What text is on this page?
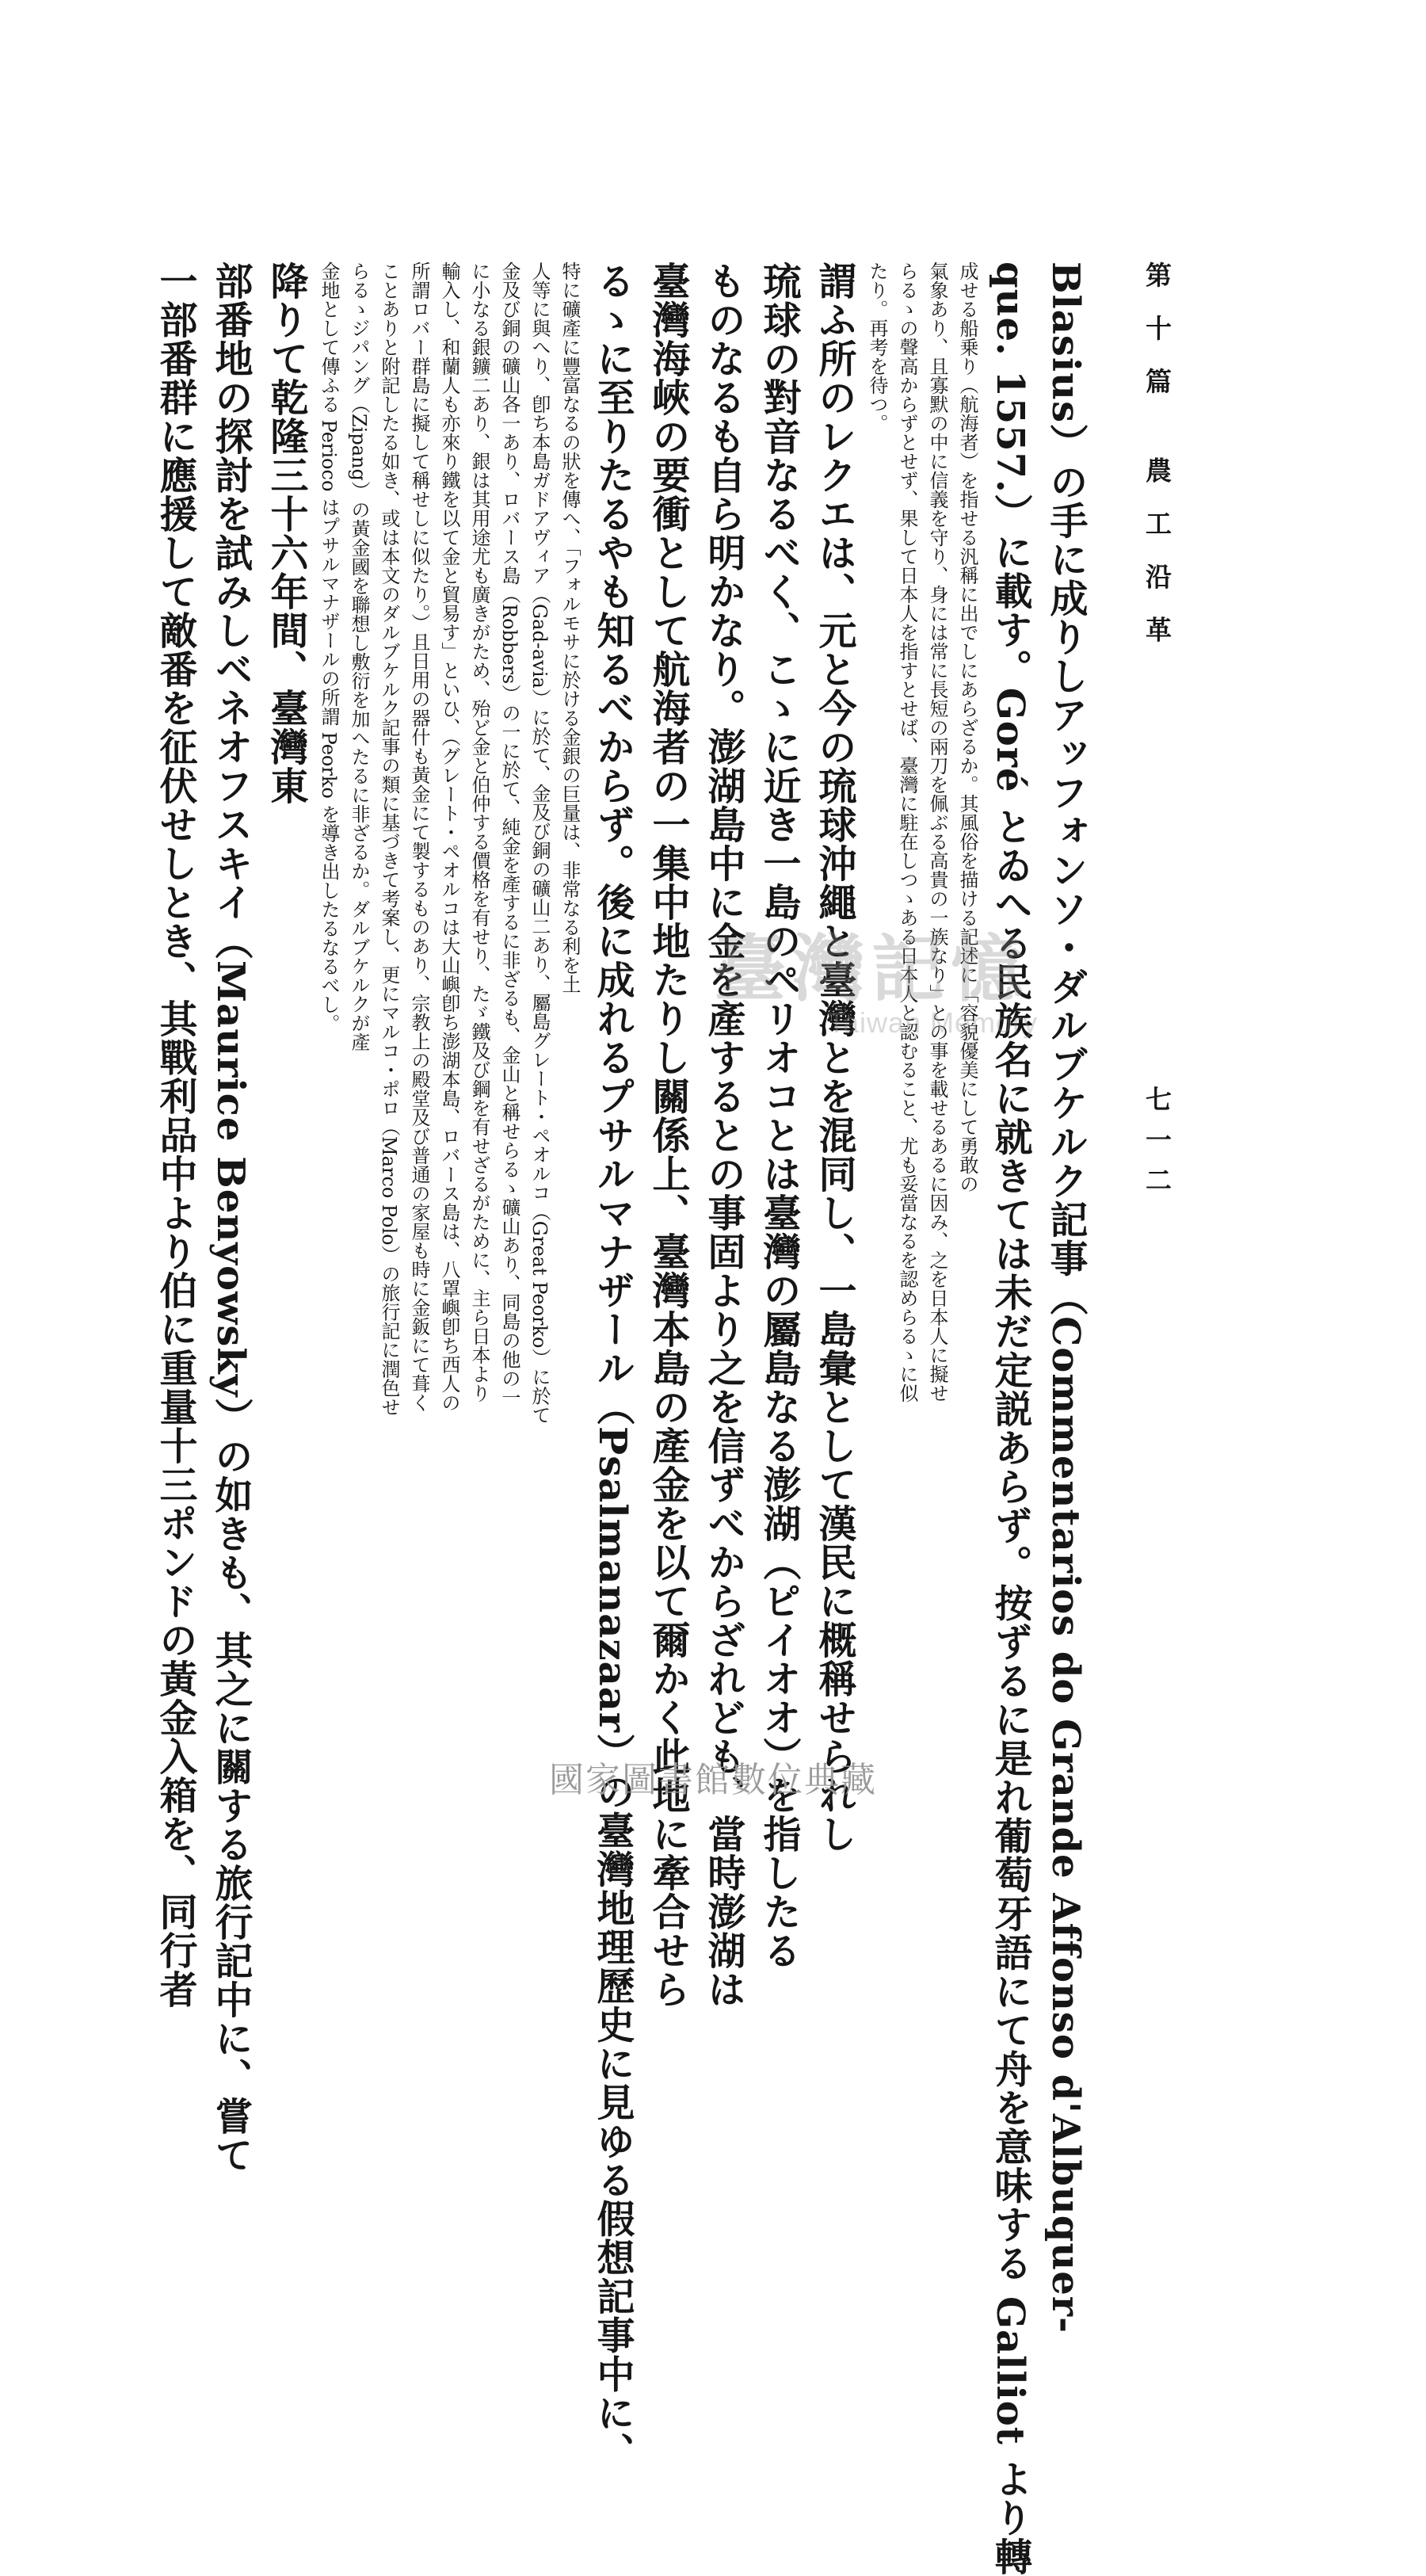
第十篇 農工沿革
七一二
Blasius）の手に成りしアッフォンソ・ダルブケルク記事（Commentarios do Grande Affonso d'Albuquer-
que. 1557.）に載す。Goré とゐへる民族名に就きては未だ定説あらず。按ずるに是れ葡萄牙語にて舟を意味する Galliot より轉
成せる船乗り（航海者）を指せる汎稱に出でしにあらざるか。其風俗を描ける記述に「容貌優美にして勇敢の
氣象あり、且寡默の中に信義を守り、身には常に長短の兩刀を佩ぶる高貴の一族なり」との事を載せるあるに因み、之を日本人に擬せ
らるゝの聲高からずとせず、果して日本人を指すとせば、臺灣に駐在しつゝある日本人と認むること、尤も妥當なるを認めらるゝに似
たり。再考を待つ。
謂ふ所のレクエは、元と今の琉球沖繩と臺灣とを混同し、一島彙として漢民に概稱せられし
琉球の對音なるべく、こゝに近き一島のペリオコとは臺灣の屬島なる澎湖（ピイオオ）を指したる
ものなるも自ら明かなり。澎湖島中に金を產するとの事固より之を信ずべからざれども、當時澎湖は
臺灣海峽の要衝として航海者の一集中地たりし關係上、臺灣本島の產金を以て爾かく此地に牽合せら
るゝに至りたるやも知るべからず。後に成れるプサルマナザール（Psalmanazaar）の臺灣地理歷史に見ゆる假想記事中に、
特に礦產に豐富なるの狀を傳へ、「フォルモサに於ける金銀の巨量は、非常なる利を土
人等に與へり、卽ち本島ガドアヴィア（Gad-avia）に於て、金及び銅の礦山二あり、屬島グレート・ペオルコ（Great Peorko）に於て
金及び銅の礦山各一あり、ロバース島（Robbers）の一に於て、純金を產するに非ざるも、金山と稱せらるゝ礦山あり、同島の他の一
に小なる銀鑛二あり、銀は其用途尤も廣きがため、殆ど金と伯仲する價格を有せり、たゞ鐵及び鋼を有せざるがために、主ら日本より
輸入し、和蘭人も亦來り鐵を以て金と貿易す」といひ、（グレート・ペオルコは大山嶼卽ち澎湖本島、ロバース島は、八罩嶼卽ち西人の
所謂ロバー群島に擬して稱せしに似たり。）且日用の器什も黃金にて製するものあり、宗教上の殿堂及び普通の家屋も時に金鈑にて葺く
ことありと附記したる如き、或は本文のダルブケルク記事の類に基づきて考案し、更にマルコ・ポロ（Marco Polo）の旅行記に潤色せ
らるゝジパング（Zipang）の黃金國を聯想し敷衍を加へたるに非ざるか。ダルブケルクが產
金地として傳ふる Perioco はプサルマナザールの所謂 Peorko を導き出したるなるべし。
降りて乾隆三十六年間、臺灣東
部番地の探討を試みしベネオフスキイ（Maurice Benyowsky）の如きも、其之に關する旅行記中に、嘗て
一部番群に應援して敵番を征伏せしとき、其戰利品中より伯に重量十三ポンドの黃金入箱を、同行者	臺灣記憶
Taiwan Memory
國家圖書館數位典藏
